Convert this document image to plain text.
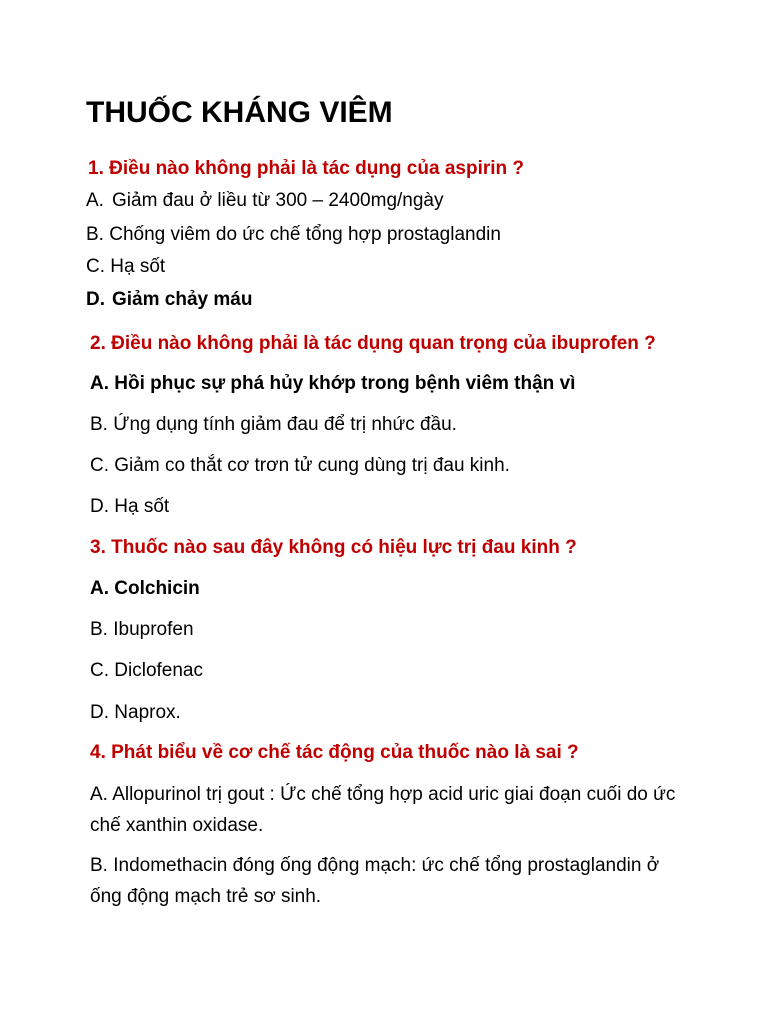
THUỐC KHÁNG VIÊM
1. Điều nào không phải là tác dụng của aspirin ?
A. Giảm đau ở liều từ 300 – 2400mg/ngày
B. Chống viêm do ức chế tổng hợp prostaglandin
C. Hạ sốt
D. Giảm chảy máu
2. Điều nào không phải là tác dụng quan trọng của ibuprofen ?
A. Hồi phục sự phá hủy khớp trong bệnh viêm thận vì
B. Ứng dụng tính giảm đau để trị nhức đầu.
C. Giảm co thắt cơ trơn tử cung dùng trị đau kinh.
D. Hạ sốt
3. Thuốc nào sau đây không có hiệu lực trị đau kinh ?
A. Colchicin
B. Ibuprofen
C. Diclofenac
D. Naprox.
4. Phát biểu về cơ chế tác động của thuốc nào là sai ?
A. Allopurinol trị gout : Ức chế tổng hợp acid uric giai đoạn cuối do ức chế xanthin oxidase.
B. Indomethacin đóng ống động mạch: ức chế tổng prostaglandin ở ống động mạch trẻ sơ sinh.
